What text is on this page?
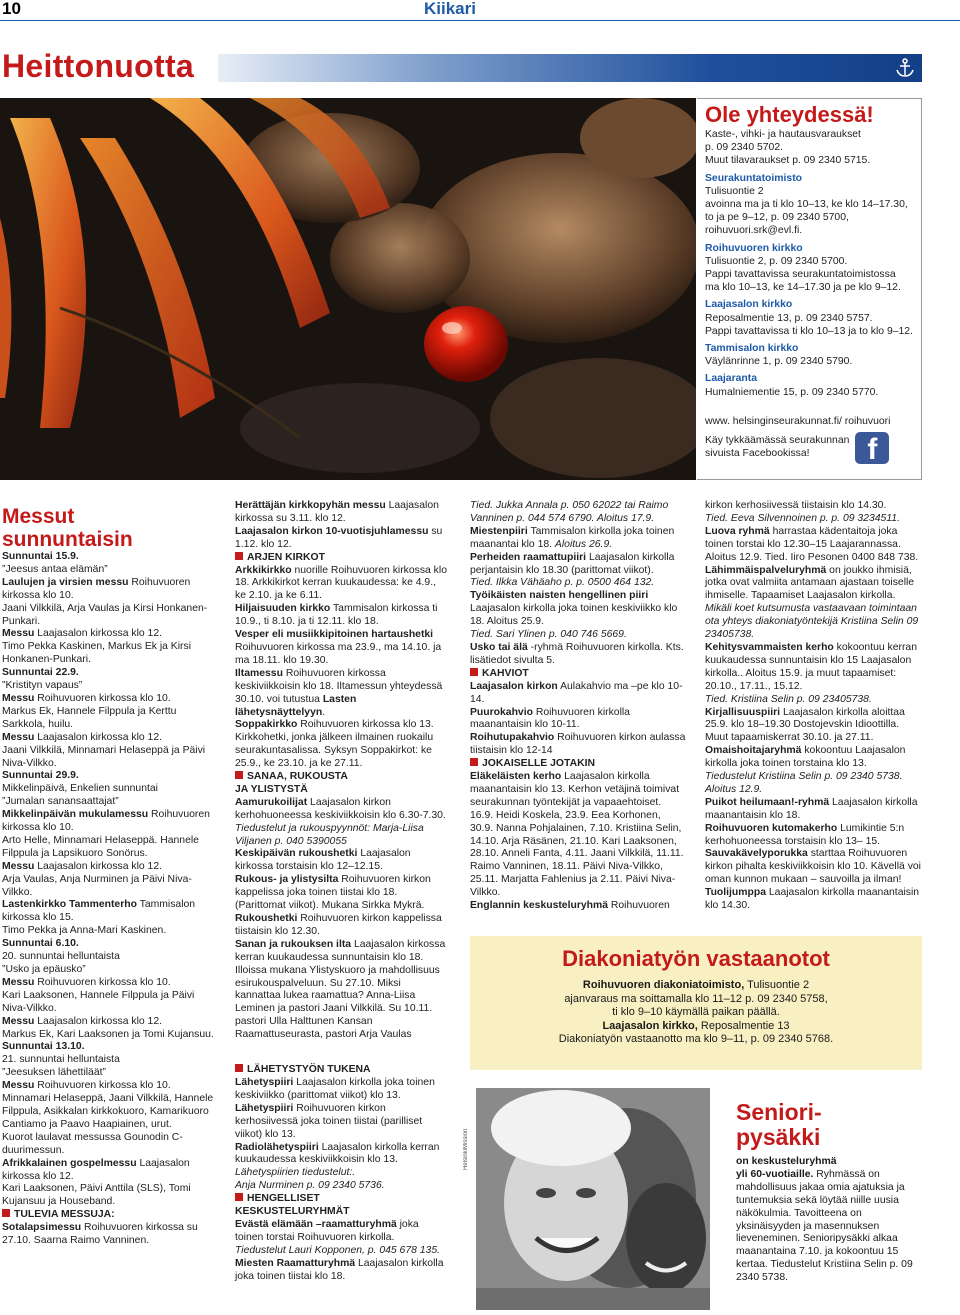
10	Kiikari
Heittonuotta
Ole yhteydessä!
Kaste-, vihki- ja hautausvaraukset
p. 09 2340 5702.
Muut tilavaraukset p. 09 2340 5715.
Seurakuntatoimisto
Tulisuontie 2
avoinna ma ja ti klo 10–13, ke klo 14–17.30,
to ja pe 9–12, p. 09 2340 5700,
roihuvuori.srk@evl.fi.
Roihuvuoren kirkko
Tulisuontie 2, p. 09 2340 5700.
Pappi tavattavissa seurakuntatoimistossa
ma klo 10–13, ke 14–17.30 ja pe klo 9–12.
Laajasalon kirkko
Reposalmentie 13, p. 09 2340 5757.
Pappi tavattavissa ti klo 10–13 ja to klo 9–12.
Tammisalon kirkko
Väylänrinne 1, p. 09 2340 5790.
Laajaranta
Humalniementie 15, p. 09 2340 5770.
www. helsinginseurakunnat.fi/ roihuvuori
Käy tykkäämässä seurakunnan
sivuista Facebookissa!	f
Messut
sunnuntaisin

Sunnuntai 15.9.

”Jeesus antaa elämän”

Laulujen ja virsien messu Roihuvuoren kirkossa klo 10.

Jaani Vilkkilä, Arja Vaulas ja Kirsi Honkanen-Punkari.

Messu Laajasalon kirkossa klo 12.

Timo Pekka Kaskinen, Markus Ek ja Kirsi Honkanen-Punkari.

Sunnuntai 22.9.

”Kristityn vapaus”

Messu Roihuvuoren kirkossa klo 10.

Markus Ek, Hannele Filppula ja Kerttu Sarkkola, huilu.

Messu Laajasalon kirkossa klo 12.

Jaani Vilkkilä, Minnamari Helaseppä ja Päivi Niva-Vilkko.

Sunnuntai 29.9.

Mikkelinpäivä, Enkelien sunnuntai

”Jumalan sanansaattajat”

Mikkelinpäivän mukulamessu Roihuvuoren kirkossa klo 10.

Arto Helle, Minnamari Helaseppä. Hannele Filppula ja Lapsikuoro Sonörus.

Messu Laajasalon kirkossa klo 12.

Arja Vaulas, Anja Nurminen ja Päivi Niva-Vilkko.

Lastenkirkko Tammenterho Tammisalon kirkossa klo 15.

Timo Pekka ja Anna-Mari Kaskinen.

Sunnuntai 6.10.

20. sunnuntai helluntaista

”Usko ja epäusko”

Messu Roihuvuoren kirkossa klo 10.

Kari Laaksonen, Hannele Filppula ja Päivi Niva-Vilkko.

Messu Laajasalon kirkossa klo 12.

Markus Ek, Kari Laaksonen ja Tomi Kujansuu.

Sunnuntai 13.10.

21. sunnuntai helluntaista

”Jeesuksen lähettiläät”

Messu Roihuvuoren kirkossa klo 10.

Minnamari Helaseppä, Jaani Vilkkilä, Hannele Filppula, Asikkalan kirkkokuoro, Kamarikuoro Cantiamo ja Paavo Haapiainen, urut.

Kuorot laulavat messussa Gounodin C-duurimessun.

Afrikkalainen gospelmessu Laajasalon kirkossa klo 12.

Kari Laaksonen, Päivi Anttila (SLS), Tomi Kujansuu ja Houseband.

TULEVIA MESSUJA:

Sotalapsimessu Roihuvuoren kirkossa su 27.10. Saarna Raimo Vanninen.

Herättäjän kirkkopyhän messu Laajasalon kirkossa su 3.11. klo 12.

Laajasalon kirkon 10-vuotisjuhlamessu su 1.12. klo 12.

ARJEN KIRKOT

Arkkikirkko nuorille Roihuvuoren kirkossa klo 18. Arkkikirkot kerran kuukaudessa: ke 4.9., ke 2.10. ja ke 6.11.

Hiljaisuuden kirkko Tammisalon kirkossa ti 10.9., ti 8.10. ja ti 12.11. klo 18.

Vesper eli musiikkipitoinen hartaushetki Roihuvuoren kirkossa ma 23.9., ma 14.10. ja ma 18.11. klo 19.30.

Iltamessu Roihuvuoren kirkossa keskiviikkoisin klo 18. Iltamessun yhteydessä 30.10. voi tutustua Lasten lähetysnäyttelyyn.

Soppakirkko Roihuvuoren kirkossa klo 13. Kirkkohetki, jonka jälkeen ilmainen ruokailu seurakuntasalissa. Syksyn Soppakirkot: ke 25.9., ke 23.10. ja ke 27.11.

SANAA, RUKOUSTA

JA YLISTYSTÄ

Aamurukoilijat Laajasalon kirkon kerhohuoneessa keskiviikkoisin klo 6.30-7.30.

Tiedustelut ja rukouspyynnöt: Marja-Liisa Viljanen p. 040 5390055

Keskipäivän rukoushetki Laajasalon kirkossa torstaisin klo 12–12.15.

Rukous- ja ylistysilta Roihuvuoren kirkon kappelissa joka toinen tiistai klo 18. (Parittomat viikot). Mukana Sirkka Mykrä.

Rukoushetki Roihuvuoren kirkon kappelissa tiistaisin klo 12.30.

Sanan ja rukouksen ilta Laajasalon kirkossa kerran kuukaudessa sunnuntaisin klo 18. Illoissa mukana Ylistyskuoro ja mahdollisuus esirukouspalveluun. Su 27.10. Miksi kannattaa lukea raamattua? Anna-Liisa Leminen ja pastori Jaani Vilkkilä. Su 10.11. pastori Ulla Halttunen Kansan Raamattuseurasta, pastori Arja Vaulas

LÄHETYSTYÖN TUKENA

Lähetyspiiri Laajasalon kirkolla joka toinen keskiviikko (parittomat viikot) klo 13.

Lähetyspiiri Roihuvuoren kirkon kerhosiivessä joka toinen tiistai (parilliset viikot) klo 13.

Radiolähetyspiiri Laajasalon kirkolla kerran kuukaudessa keskiviikkoisin klo 13.

Lähetyspiirien tiedustelut:.

Anja Nurminen p. 09 2340 5736.

HENGELLISET

KESKUSTELURYHMÄT

Evästä elämään –raamatturyhmä joka toinen torstai Roihuvuoren kirkolla.

Tiedustelut Lauri Kopponen, p. 045 678 135.

Miesten Raamatturyhmä Laajasalon kirkolla joka toinen tiistai klo 18.

Tied. Jukka Annala p. 050 62022 tai Raimo Vanninen p. 044 574 6790. Aloitus 17.9.

Miestenpiiri Tammisalon kirkolla joka toinen maanantai klo 18. Aloitus 26.9.

Perheiden raamattupiiri Laajasalon kirkolla perjantaisin klo 18.30 (parittomat viikot).

Tied. Ilkka Vähäaho p. p. 0500 464 132.

Työikäisten naisten hengellinen piiri

Laajasalon kirkolla joka toinen keskiviikko klo 18. Aloitus 25.9.

Tied. Sari Ylinen p. 040 746 5669.

Usko tai älä -ryhmä Roihuvuoren kirkolla. Kts. lisätiedot sivulta 5.

KAHVIOT

Laajasalon kirkon Aulakahvio ma –pe klo 10-14.

Puurokahvio Roihuvuoren kirkolla maanantaisin klo 10-11.

Roihutupakahvio Roihuvuoren kirkon aulassa tiistaisin klo 12-14

JOKAISELLE JOTAKIN

Eläkeläisten kerho Laajasalon kirkolla maanantaisin klo 13. Kerhon vetäjinä toimivat seurakunnan työntekijät ja vapaaehtoiset. 16.9. Heidi Koskela, 23.9. Eea Korhonen, 30.9. Nanna Pohjalainen, 7.10. Kristiina Selin, 14.10. Arja Räsänen, 21.10. Kari Laaksonen, 28.10. Anneli Fanta, 4.11. Jaani Vilkkilä, 11.11. Raimo Vanninen, 18.11. Päivi Niva-Vilkko, 25.11. Marjatta Fahlenius ja 2.11. Päivi Niva-Vilkko.

Englannin keskusteluryhmä Roihuvuoren

kirkon kerhosiivessä tiistaisin klo 14.30.

Tied. Eeva Silvennoinen p. p. 09 3234511.

Luova ryhmä harrastaa kädentaitoja joka toinen torstai klo 12.30–15 Laajarannassa. Aloitus 12.9. Tied. Iiro Pesonen 0400 848 738.

Lähimmäispalveluryhmä on joukko ihmisiä, jotka ovat valmiita antamaan ajastaan toiselle ihmiselle. Tapaamiset Laajasalon kirkolla.

Mikäli koet kutsumusta vastaavaan toimintaan ota yhteys diakoniatyöntekijä Kristiina Selin 09 23405738.

Kehitysvammaisten kerho kokoontuu kerran kuukaudessa sunnuntaisin klo 15 Laajasalon kirkolla.. Aloitus 15.9. ja muut tapaamiset: 20.10., 17.11., 15.12.

Tied. Kristiina Selin p. 09 23405738.

Kirjallisuuspiiri Laajasalon kirkolla aloittaa 25.9. klo 18–19.30 Dostojevskin Idioottilla. Muut tapaamiskerrat 30.10. ja 27.11.

Omaishoitajaryhmä kokoontuu Laajasalon kirkolla joka toinen torstaina klo 13.

Tiedustelut Kristiina Selin p. 09 2340 5738. Aloitus 12.9.

Puikot heilumaan!-ryhmä Laajasalon kirkolla maanantaisin klo 18.

Roihuvuoren kutomakerho Lumikintie 5:n kerhohuoneessa torstaisin klo 13– 15.

Sauvakävelyporukka starttaa Roihuvuoren kirkon pihalta keskiviikkoisin klo 10. Kävellä voi oman kunnon mukaan – sauvoilla ja ilman!

Tuolijumppa Laajasalon kirkolla maanantaisin klo 14.30.

Diakoniatyön vastaanotot
Roihuvuoren diakoniatoimisto, Tulisuontie 2
ajanvaraus ma soittamalla klo 11–12 p. 09 2340 5758,
ti klo 9–10 käymällä paikan päällä.
Laajasalon kirkko, Reposalmentie 13
Diakoniatyön vastaanotto ma klo 9–11, p. 09 2340 5768.
HelsinkiMission
Seniori-
pysäkki
on keskusteluryhmä
yli 60-vuotiaille. Ryhmässä on mahdollisuus jakaa omia ajatuksia ja tuntemuksia sekä löytää niille uusia näkökulmia. Tavoitteena on yksinäisyyden ja masennuksen lieveneminen. Senioripysäkki alkaa maanantaina 7.10. ja kokoontuu 15 kertaa. Tiedustelut Kristiina Selin p. 09 2340 5738.
